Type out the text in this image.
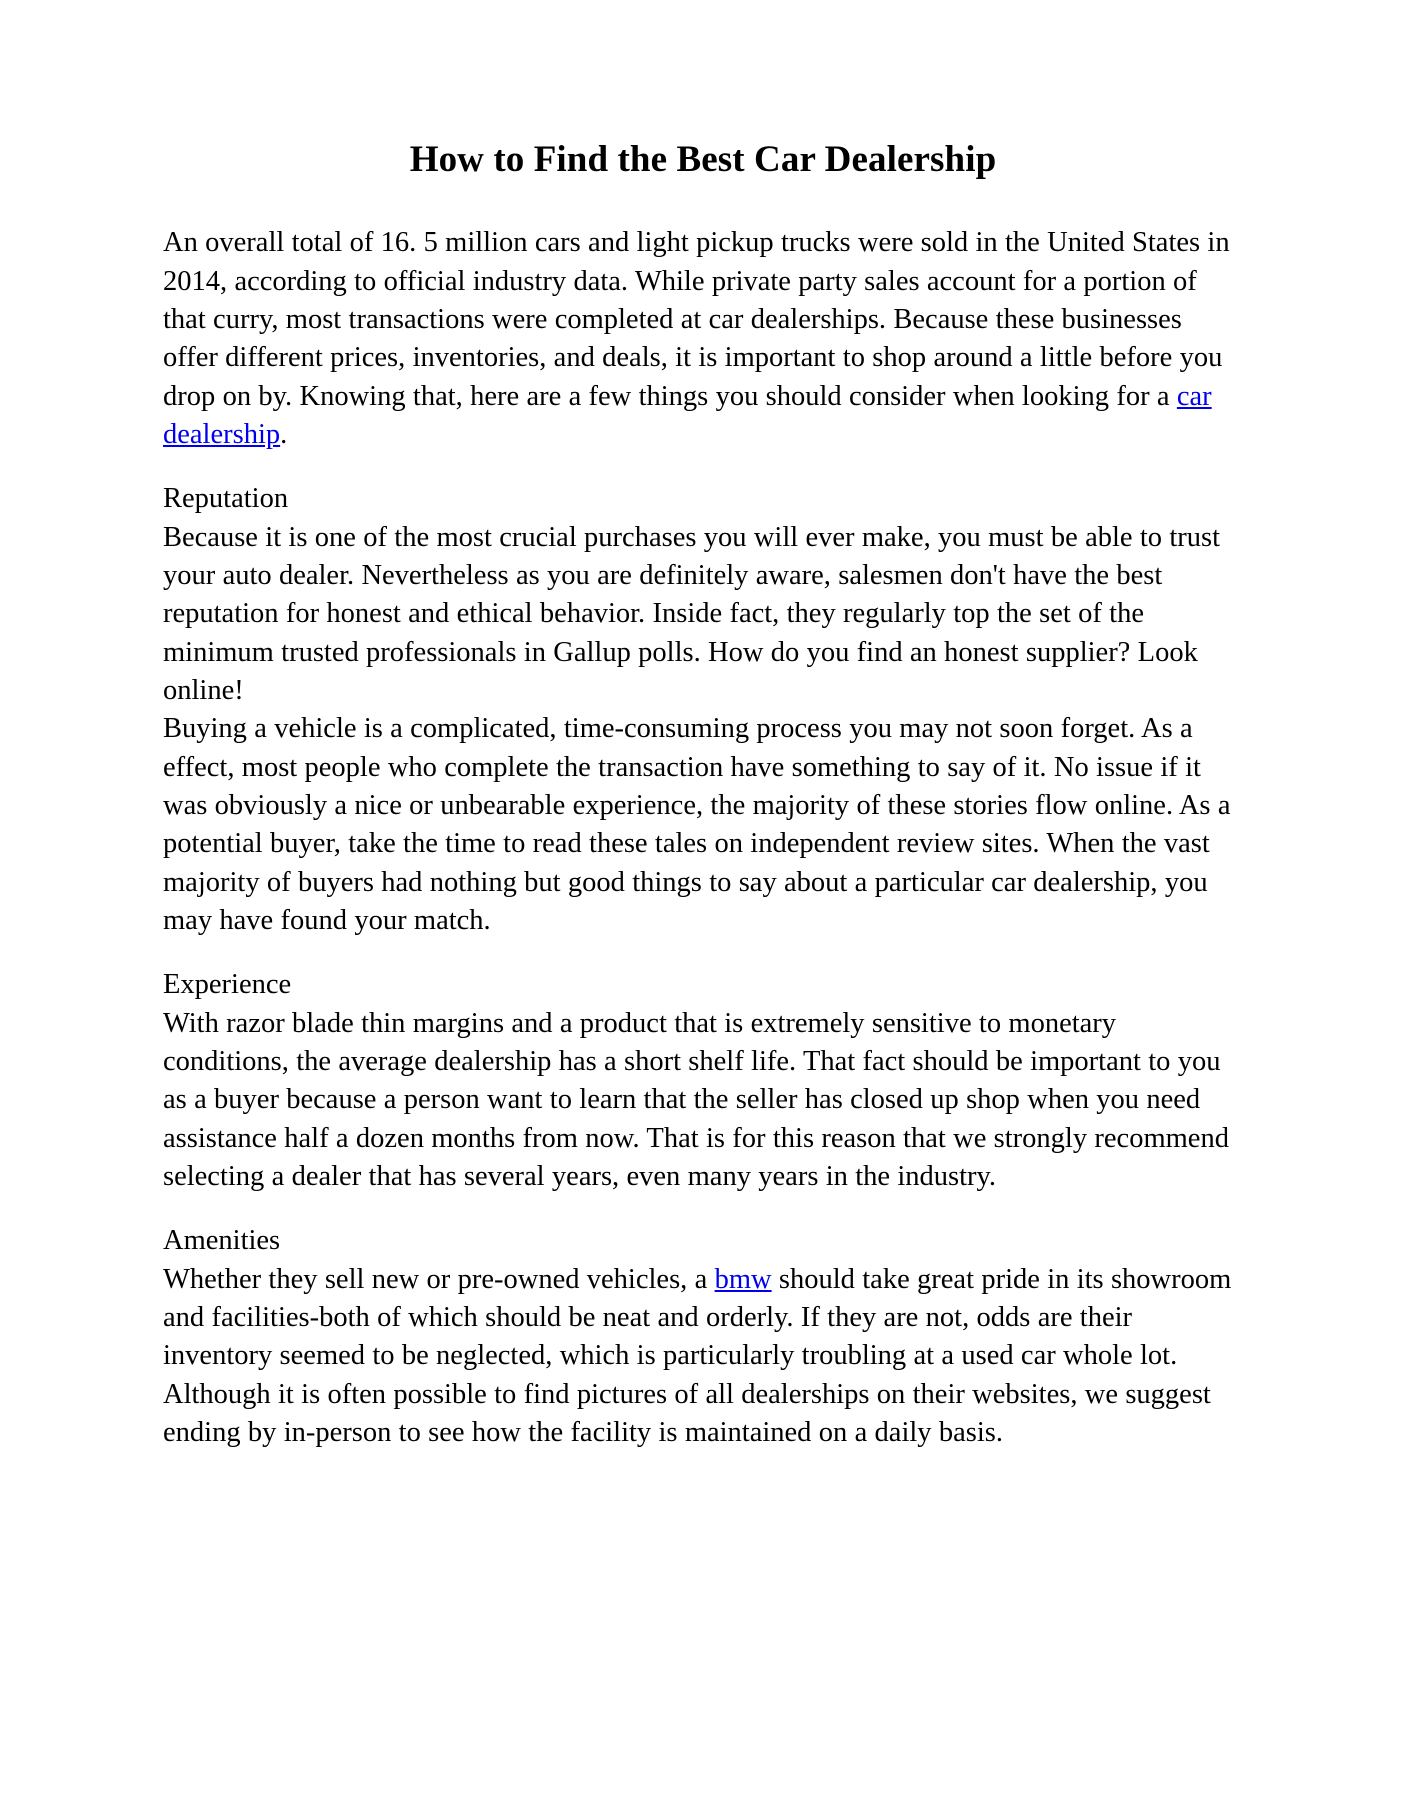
How to Find the Best Car Dealership

An overall total of 16. 5 million cars and light pickup trucks were sold in the United States in 2014, according to official industry data. While private party sales account for a portion of that curry, most transactions were completed at car dealerships. Because these businesses offer different prices, inventories, and deals, it is important to shop around a little before you drop on by. Knowing that, here are a few things you should consider when looking for a car dealership.

Reputation

Because it is one of the most crucial purchases you will ever make, you must be able to trust your auto dealer. Nevertheless as you are definitely aware, salesmen don't have the best reputation for honest and ethical behavior. Inside fact, they regularly top the set of the minimum trusted professionals in Gallup polls. How do you find an honest supplier? Look online!

Buying a vehicle is a complicated, time-consuming process you may not soon forget. As a effect, most people who complete the transaction have something to say of it. No issue if it was obviously a nice or unbearable experience, the majority of these stories flow online. As a potential buyer, take the time to read these tales on independent review sites. When the vast majority of buyers had nothing but good things to say about a particular car dealership, you may have found your match.

Experience

With razor blade thin margins and a product that is extremely sensitive to monetary conditions, the average dealership has a short shelf life. That fact should be important to you as a buyer because a person want to learn that the seller has closed up shop when you need assistance half a dozen months from now. That is for this reason that we strongly recommend selecting a dealer that has several years, even many years in the industry.

Amenities

Whether they sell new or pre-owned vehicles, a bmw should take great pride in its showroom and facilities-both of which should be neat and orderly. If they are not, odds are their inventory seemed to be neglected, which is particularly troubling at a used car whole lot. Although it is often possible to find pictures of all dealerships on their websites, we suggest ending by in-person to see how the facility is maintained on a daily basis.
